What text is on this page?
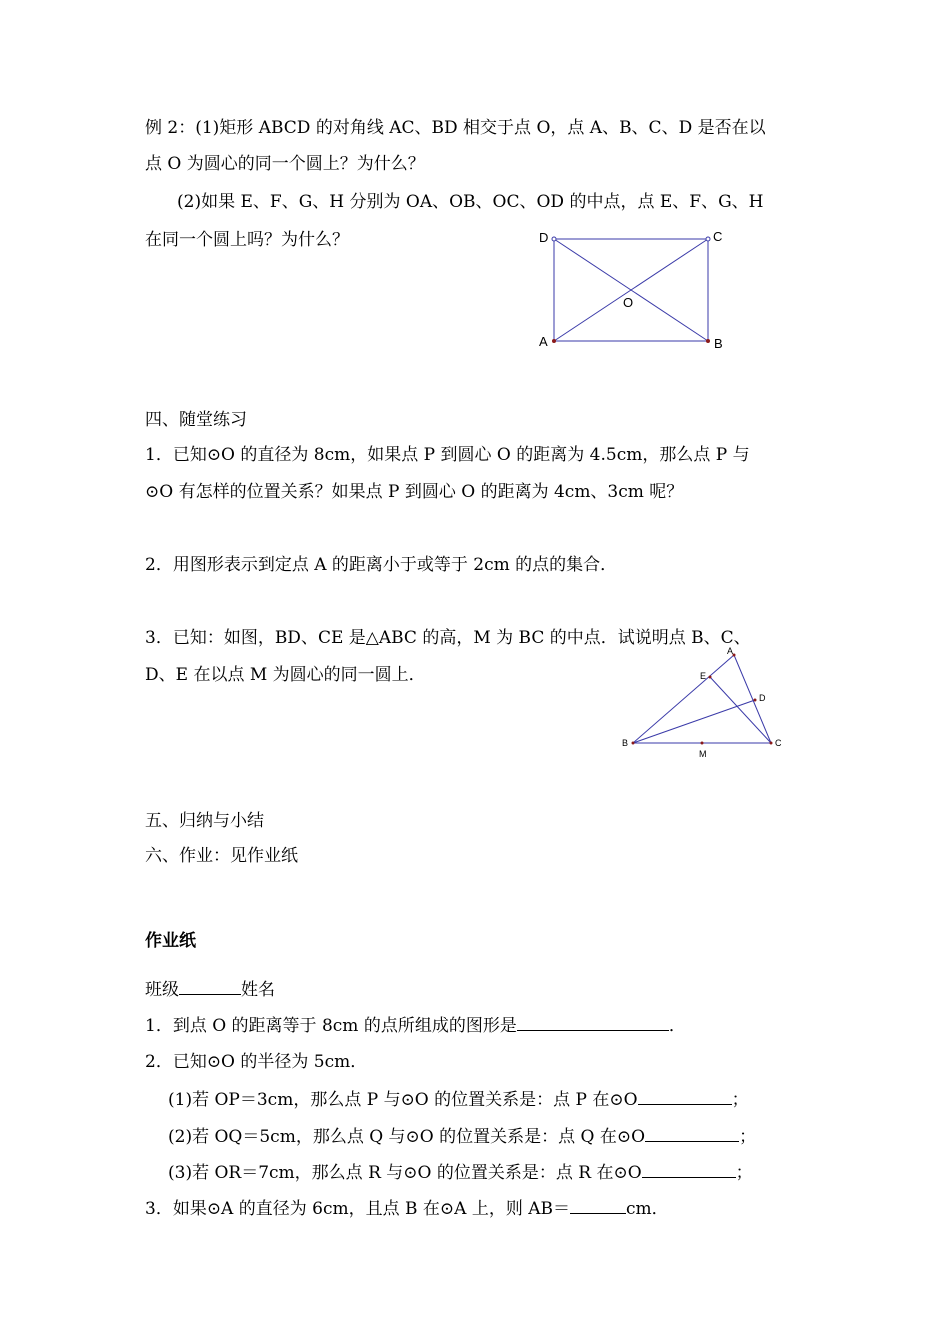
例 2：(1)矩形 ABCD 的对角线 AC、BD 相交于点 O，点 A、B、C、D 是否在以
点 O 为圆心的同一个圆上？为什么？
(2)如果 E、F、G、H 分别为 OA、OB、OC、OD 的中点，点 E、F、G、H
在同一个圆上吗？为什么？	D	C
O
A	B
四、随堂练习
1．已知⊙O 的直径为 8cm，如果点 P 到圆心 O 的距离为 4.5cm，那么点 P 与
⊙O 有怎样的位置关系？如果点 P 到圆心 O 的距离为 4cm、3cm 呢？
2．用图形表示到定点 A 的距离小于或等于 2cm 的点的集合．
3．已知：如图，BD、CE 是△ABC 的高，M 为 BC 的中点．试说明点 B、C、
D、E 在以点 M 为圆心的同一圆上．
A
E
D
B	C
M
五、归纳与小结
六、作业：见作业纸
作业纸
班级	姓名
1．到点 O 的距离等于 8cm 的点所组成的图形是	．
2．已知⊙O 的半径为 5cm．
(1)若 OP＝3cm，那么点 P 与⊙O 的位置关系是：点 P 在⊙O	；
(2)若 OQ＝5cm，那么点 Q 与⊙O 的位置关系是：点 Q 在⊙O	；
(3)若 OR＝7cm，那么点 R 与⊙O 的位置关系是：点 R 在⊙O	；
3．如果⊙A 的直径为 6cm，且点 B 在⊙A 上，则 AB＝	cm．
